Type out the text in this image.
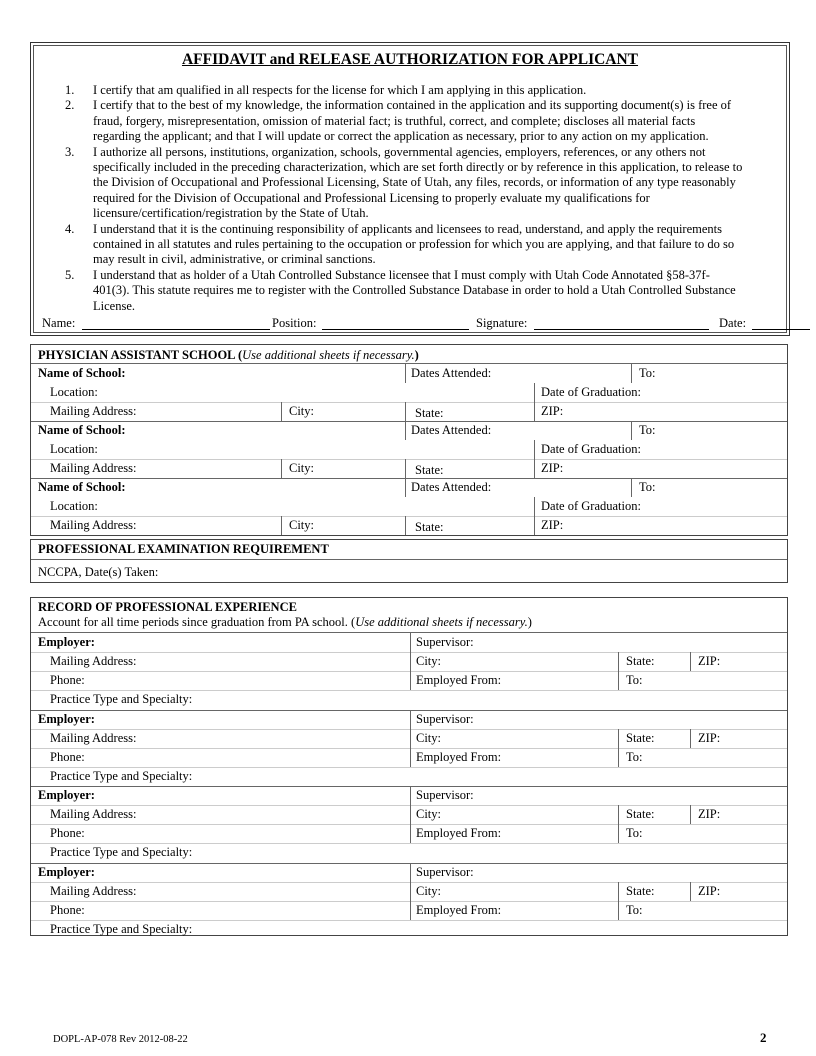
AFFIDAVIT and RELEASE AUTHORIZATION FOR APPLICANT
1. I certify that am qualified in all respects for the license for which I am applying in this application.
2. I certify that to the best of my knowledge, the information contained in the application and its supporting document(s) is free of
fraud, forgery, misrepresentation, omission of material fact; is truthful, correct, and complete; discloses all material facts
regarding the applicant; and that I will update or correct the application as necessary, prior to any action on my application.
3. I authorize all persons, institutions, organization, schools, governmental agencies, employers, references, or any others not
specifically included in the preceding characterization, which are set forth directly or by reference in this application, to release to
the Division of Occupational and Professional Licensing, State of Utah, any files, records, or information of any type reasonably
required for the Division of Occupational and Professional Licensing to properly evaluate my qualifications for
licensure/certification/registration by the State of Utah.
4. I understand that it is the continuing responsibility of applicants and licensees to read, understand, and apply the requirements
contained in all statutes and rules pertaining to the occupation or profession for which you are applying, and that failure to do so
may result in civil, administrative, or criminal sanctions.
5. I understand that as holder of a Utah Controlled Substance licensee that I must comply with Utah Code Annotated §58-37f-
401(3). This statute requires me to register with the Controlled Substance Database in order to hold a Utah Controlled Substance
License.
Name:	Position:	Signature:	Date:
PHYSICIAN ASSISTANT SCHOOL (Use additional sheets if necessary.)
Name of School:	Dates Attended:	To:
Location:	Date of Graduation:
Mailing Address:	City:	State:	ZIP:
Name of School:	Dates Attended:	To:
Location:	Date of Graduation:
Mailing Address:	City:	State:	ZIP:
Name of School:	Dates Attended:	To:
Location:	Date of Graduation:
Mailing Address:	City:	State:	ZIP:
PROFESSIONAL EXAMINATION REQUIREMENT
NCCPA, Date(s) Taken:
RECORD OF PROFESSIONAL EXPERIENCE
Account for all time periods since graduation from PA school. (Use additional sheets if necessary.)
Employer:	Supervisor:
Mailing Address:	City:	State:	ZIP:
Phone:	Employed From:	To:
Practice Type and Specialty:
Employer:	Supervisor:
Mailing Address:	City:	State:	ZIP:
Phone:	Employed From:	To:
Practice Type and Specialty:
Employer:	Supervisor:
Mailing Address:	City:	State:	ZIP:
Phone:	Employed From:	To:
Practice Type and Specialty:
Employer:	Supervisor:
Mailing Address:	City:	State:	ZIP:
Phone:	Employed From:	To:
Practice Type and Specialty:
DOPL-AP-078 Rev 2012-08-22	2
